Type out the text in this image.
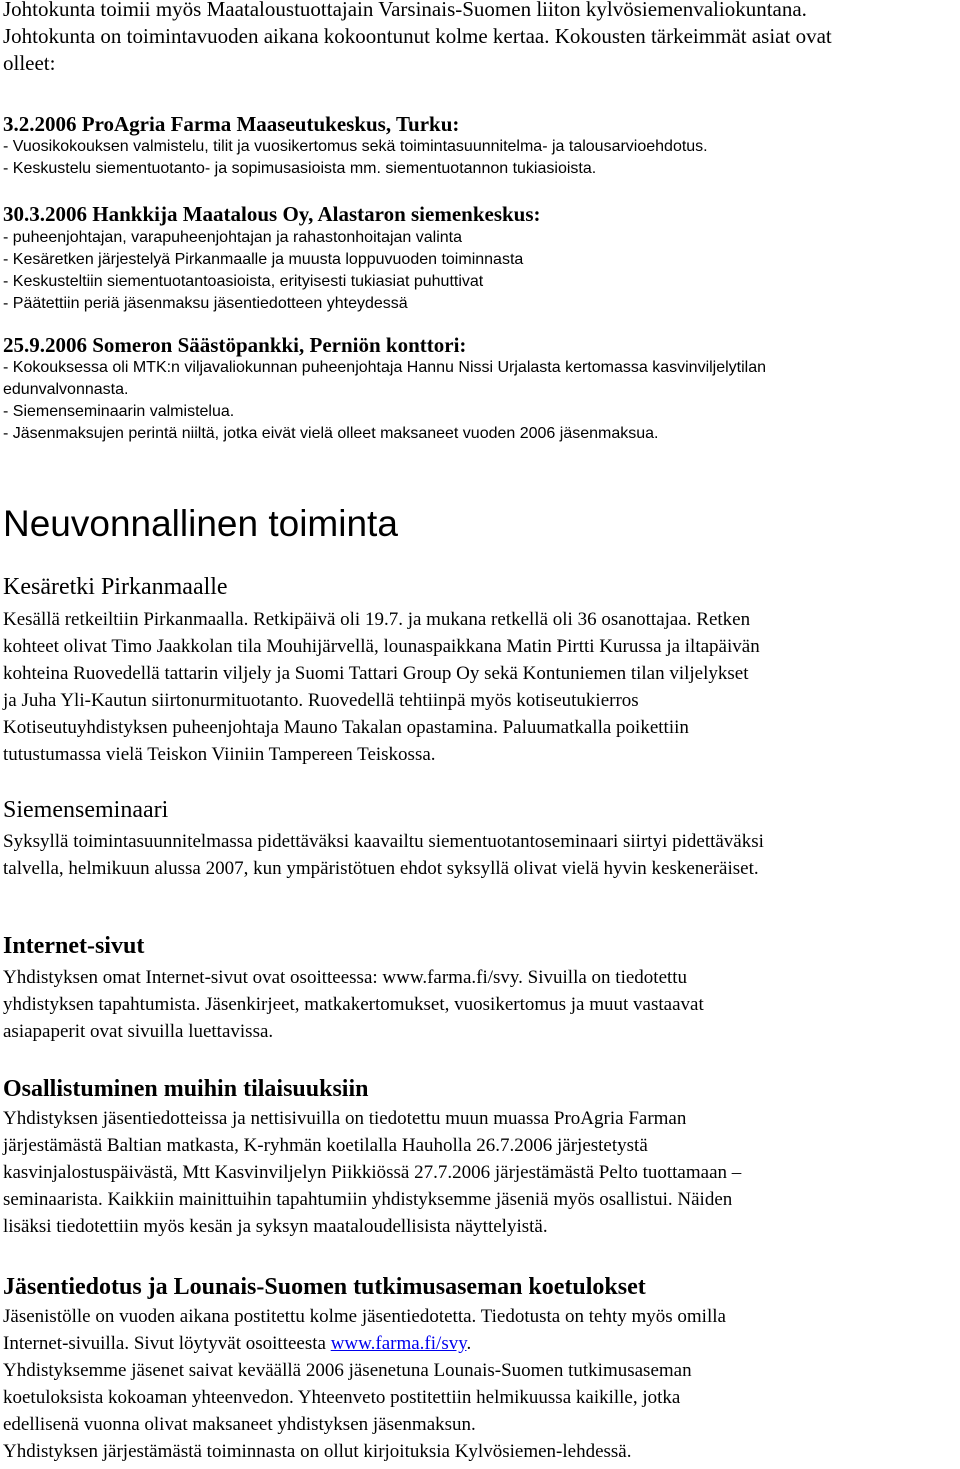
Johtokunta toimii myös Maataloustuottajain Varsinais-Suomen liiton kylvösiemenvaliokuntana.
Johtokunta on toimintavuoden aikana kokoontunut kolme kertaa. Kokousten tärkeimmät asiat ovat
olleet:

3.2.2006 ProAgria Farma Maaseutukeskus, Turku:
- Vuosikokouksen valmistelu, tilit ja vuosikertomus sekä toimintasuunnitelma- ja talousarvioehdotus.
- Keskustelu siementuotanto- ja sopimusasioista mm. siementuotannon tukiasioista.
30.3.2006 Hankkija Maatalous Oy, Alastaron siemenkeskus:
- puheenjohtajan, varapuheenjohtajan ja rahastonhoitajan valinta
- Kesäretken järjestelyä Pirkanmaalle ja muusta loppuvuoden toiminnasta
- Keskusteltiin siementuotantoasioista, erityisesti tukiasiat puhuttivat
- Päätettiin periä jäsenmaksu jäsentiedotteen yhteydessä
25.9.2006 Someron Säästöpankki, Perniön konttori:
- Kokouksessa oli MTK:n viljavaliokunnan puheenjohtaja Hannu Nissi Urjalasta kertomassa kasvinviljelytilan
edunvalvonnasta.
- Siemenseminaarin valmistelua.
- Jäsenmaksujen perintä niiltä, jotka eivät vielä olleet maksaneet vuoden 2006 jäsenmaksua.
Neuvonnallinen toiminta
Kesäretki Pirkanmaalle

Kesällä retkeiltiin Pirkanmaalla. Retkipäivä oli 19.7. ja mukana retkellä oli 36 osanottajaa. Retken
kohteet olivat Timo Jaakkolan tila Mouhijärvellä, lounaspaikkana Matin Pirtti Kurussa ja iltapäivän
kohteina Ruovedellä tattarin viljely ja Suomi Tattari Group Oy sekä Kontuniemen tilan viljelykset
ja Juha Yli-Kautun siirtonurmituotanto. Ruovedellä tehtiinpä myös kotiseutukierros
Kotiseutuyhdistyksen puheenjohtaja Mauno Takalan opastamina. Paluumatkalla poikettiin
tutustumassa vielä Teiskon Viiniin Tampereen Teiskossa.

Siemenseminaari

Syksyllä toimintasuunnitelmassa pidettäväksi kaavailtu siementuotantoseminaari siirtyi pidettäväksi
talvella, helmikuun alussa 2007, kun ympäristötuen ehdot syksyllä olivat vielä hyvin keskeneräiset.

Internet-sivut

Yhdistyksen omat Internet-sivut ovat osoitteessa: www.farma.fi/svy. Sivuilla on tiedotettu
yhdistyksen tapahtumista. Jäsenkirjeet, matkakertomukset, vuosikertomus ja muut vastaavat
asiapaperit ovat sivuilla luettavissa.

Osallistuminen muihin tilaisuuksiin

Yhdistyksen jäsentiedotteissa ja nettisivuilla on tiedotettu muun muassa ProAgria Farman
järjestämästä Baltian matkasta, K-ryhmän koetilalla Hauholla 26.7.2006 järjestetystä
kasvinjalostuspäivästä, Mtt Kasvinviljelyn Piikkiössä 27.7.2006 järjestämästä Pelto tuottamaan –
seminaarista. Kaikkiin mainittuihin tapahtumiin yhdistyksemme jäseniä myös osallistui. Näiden
lisäksi tiedotettiin myös kesän ja syksyn maataloudellisista näyttelyistä.

Jäsentiedotus ja Lounais-Suomen tutkimusaseman koetulokset

Jäsenistölle on vuoden aikana postitettu kolme jäsentiedotetta. Tiedotusta on tehty myös omilla
Internet-sivuilla. Sivut löytyvät osoitteesta www.farma.fi/svy.
Yhdistyksemme jäsenet saivat keväällä 2006 jäsenetuna Lounais-Suomen tutkimusaseman
koetuloksista kokoaman yhteenvedon. Yhteenveto postitettiin helmikuussa kaikille, jotka
edellisenä vuonna olivat maksaneet yhdistyksen jäsenmaksun.
Yhdistyksen järjestämästä toiminnasta on ollut kirjoituksia Kylvösiemen-lehdessä.
